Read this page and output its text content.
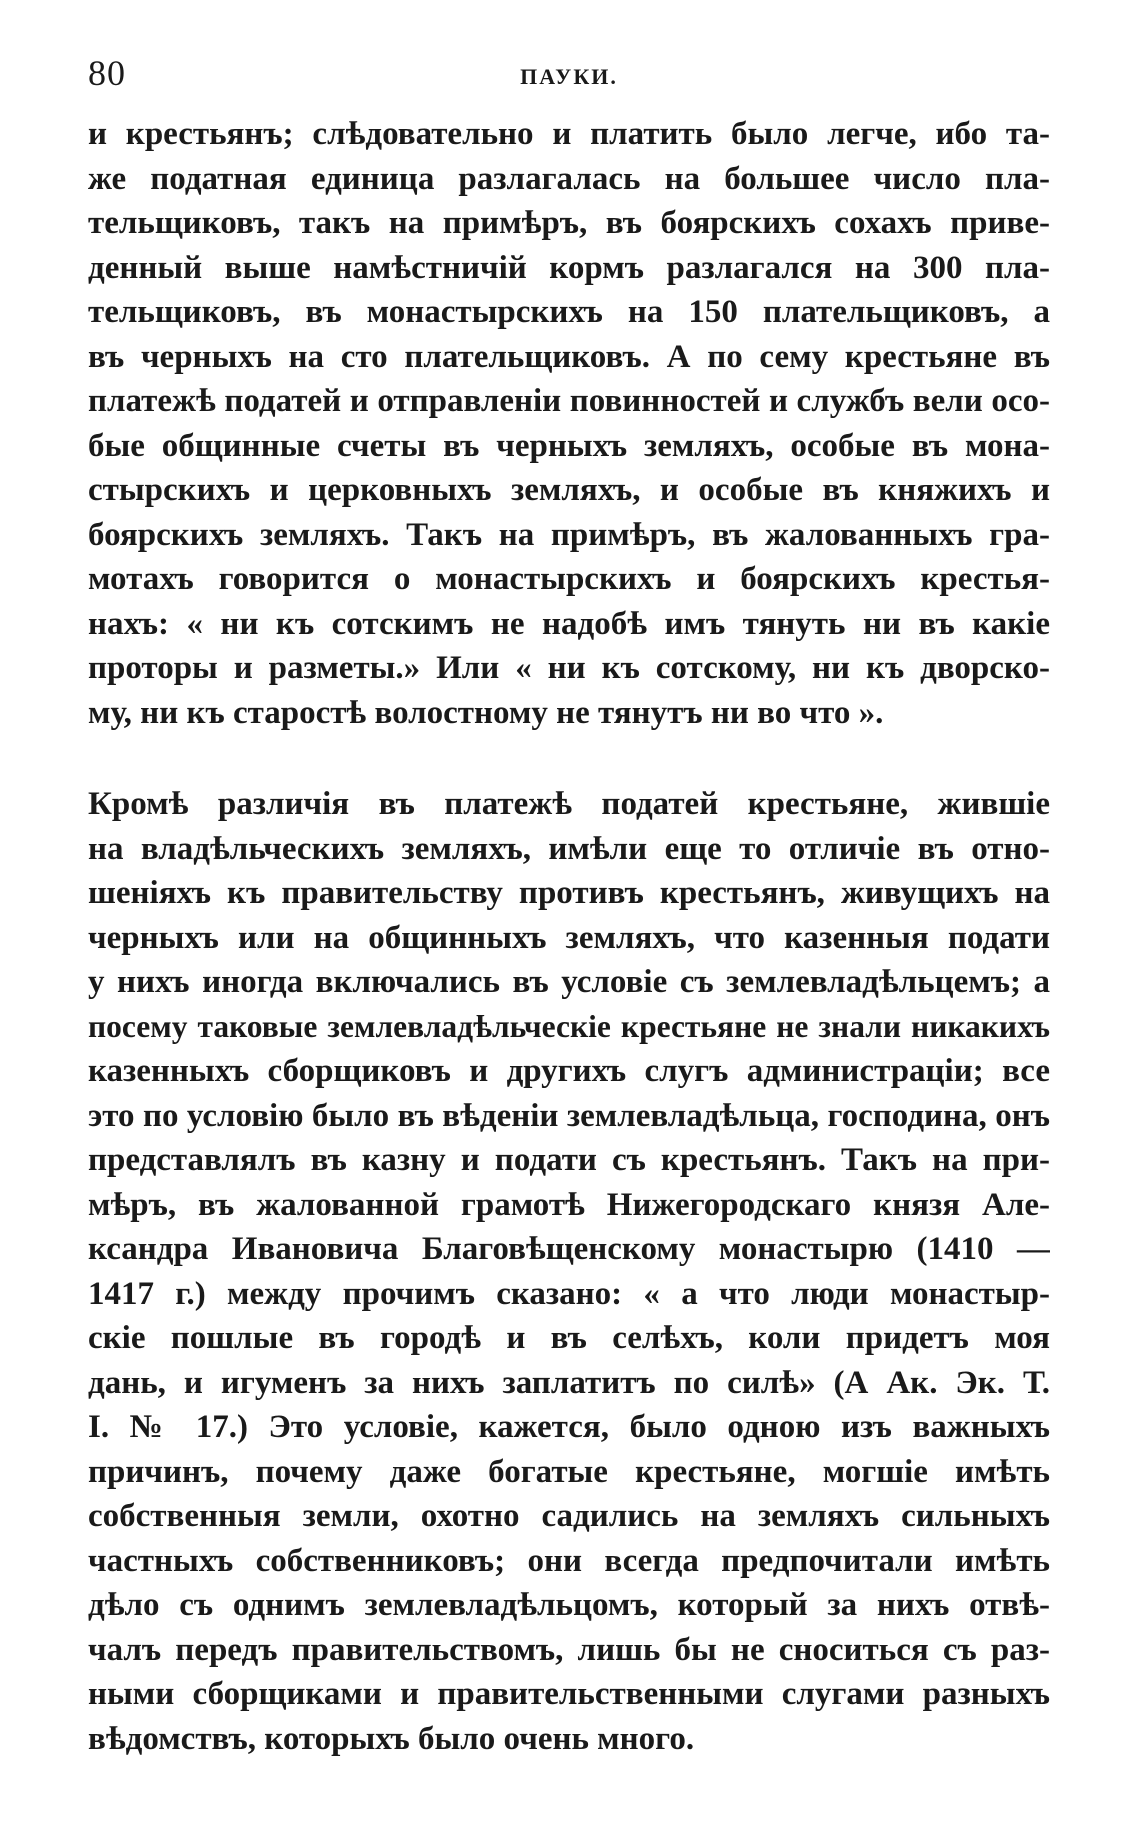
80	ПАУКИ.
и крестьянъ; слѣдовательно и платить было легче, ибо та-
же податная единица разлагалась на большее число пла-
тельщиковъ, такъ на примѣръ, въ боярскихъ сохахъ приве-
денный выше намѣстничій кормъ разлагался на 300 пла-
тельщиковъ, въ монастырскихъ на 150 плательщиковъ, а
въ черныхъ на сто плательщиковъ. А по сему крестьяне въ
платежѣ податей и отправленіи повинностей и службъ вели осо-
бые общинные счеты въ черныхъ земляхъ, особые въ мона-
стырскихъ и церковныхъ земляхъ, и особые въ княжихъ и
боярскихъ земляхъ. Такъ на примѣръ, въ жалованныхъ гра-
мотахъ говорится о монастырскихъ и боярскихъ крестья-
нахъ: « ни къ сотскимъ не надобѣ имъ тянуть ни въ какіе
проторы и разметы.» Или « ни къ сотскому, ни къ дворско-
му, ни къ старостѣ волостному не тянутъ ни во что ».
Кромѣ различія въ платежѣ податей крестьяне, жившіе
на владѣльческихъ земляхъ, имѣли еще то отличіе въ отно-
шеніяхъ къ правительству противъ крестьянъ, живущихъ на
черныхъ или на общинныхъ земляхъ, что казенныя подати
у нихъ иногда включались въ условіе съ землевладѣльцемъ; а
посему таковые землевладѣльческіе крестьяне не знали никакихъ
казенныхъ сборщиковъ и другихъ слугъ администраціи; все
это по условію было въ вѣденіи землевладѣльца, господина, онъ
представлялъ въ казну и подати съ крестьянъ. Такъ на при-
мѣръ, въ жалованной грамотѣ Нижегородскаго князя Але-
ксандра Ивановича Благовѣщенскому монастырю (1410 —
1417 г.) между прочимъ сказано: « а что люди монастыр-
скіе пошлые въ городѣ и въ селѣхъ, коли придетъ моя
дань, и игуменъ за нихъ заплатитъ по силѣ» (А Ак. Эк. Т.
I. № 17.) Это условіе, кажется, было одною изъ важныхъ
причинъ, почему даже богатые крестьяне, могшіе имѣть
собственныя земли, охотно садились на земляхъ сильныхъ
частныхъ собственниковъ; они всегда предпочитали имѣть
дѣло съ однимъ землевладѣльцомъ, который за нихъ отвѣ-
чалъ передъ правительствомъ, лишь бы не сноситься съ раз-
ными сборщиками и правительственными слугами разныхъ
вѣдомствъ, которыхъ было очень много.
